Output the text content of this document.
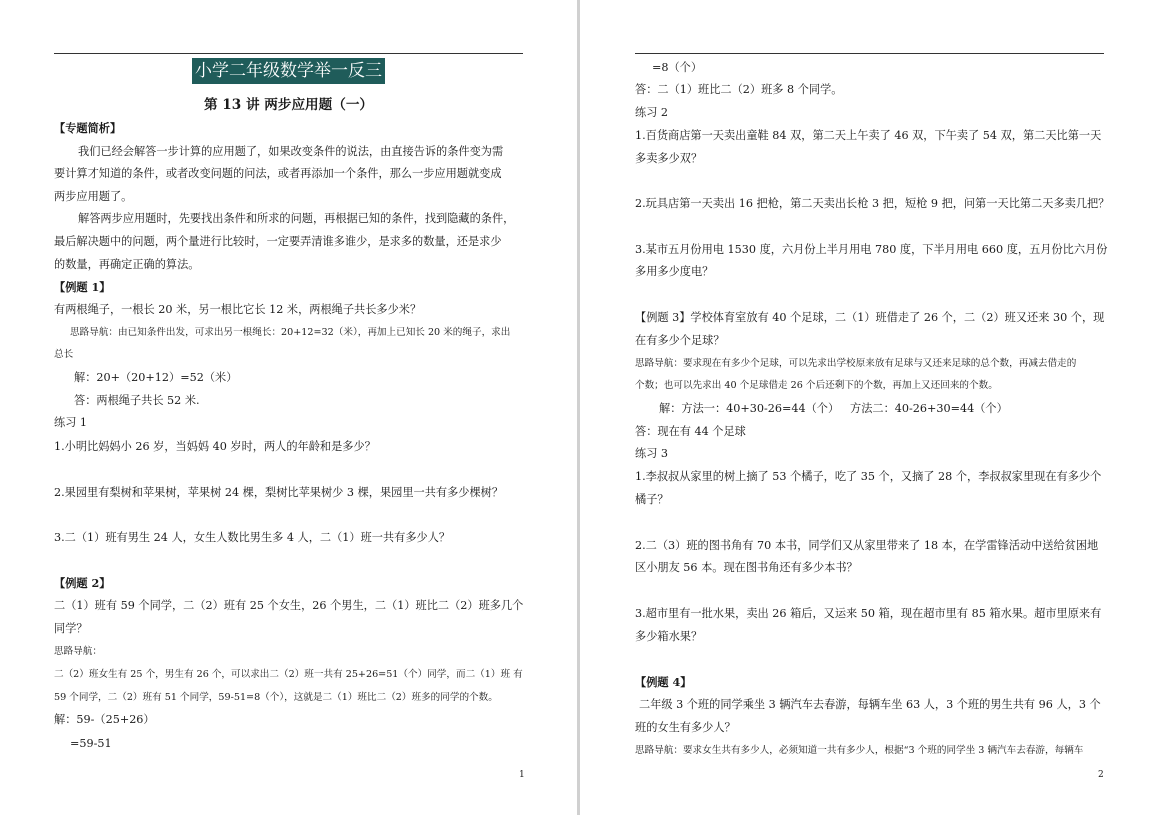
小学二年级数学举一反三
第 13 讲 两步应用题（一）
【专题简析】
我们已经会解答一步计算的应用题了，如果改变条件的说法，由直接告诉的条件变为需
要计算才知道的条件，或者改变问题的问法，或者再添加一个条件，那么一步应用题就变成
两步应用题了。
解答两步应用题时，先要找出条件和所求的问题，再根据已知的条件，找到隐藏的条件，
最后解决题中的问题，两个量进行比较时，一定要弄清谁多谁少，是求多的数量，还是求少
的数量，再确定正确的算法。
【例题 1】
有两根绳子，一根长 20 米，另一根比它长 12 米，两根绳子共长多少米？
思路导航：由已知条件出发，可求出另一根绳长：20+12=32（米），再加上已知长 20 米的绳子，求出
总长
解：20+（20+12）=52（米）
答：两根绳子共长 52 米.
练习 1
1.小明比妈妈小 26 岁，当妈妈 40 岁时，两人的年龄和是多少？
2.果园里有梨树和苹果树，苹果树 24 棵，梨树比苹果树少 3 棵，果园里一共有多少棵树？
3.二（1）班有男生 24 人，女生人数比男生多 4 人，二（1）班一共有多少人？
【例题 2】
二（1）班有 59 个同学，二（2）班有 25 个女生，26 个男生，二（1）班比二（2）班多几个
同学？
思路导航：
二（2）班女生有 25 个，男生有 26 个，可以求出二（2）班一共有 25+26=51（个）同学，而二（1）班 有
59 个同学，二（2）班有 51 个同学，59-51=8（个），这就是二（1）班比二（2）班多的同学的个数。
解：59-（25+26）
=59-51
1
=8（个）
答：二（1）班比二（2）班多 8 个同学。
练习 2
1.百货商店第一天卖出童鞋 84 双，第二天上午卖了 46 双，下午卖了 54 双，第二天比第一天
多卖多少双？
2.玩具店第一天卖出 16 把枪，第二天卖出长枪 3 把，短枪 9 把，问第一天比第二天多卖几把？
3.某市五月份用电 1530 度，六月份上半月用电 780 度，下半月用电 660 度，五月份比六月份
多用多少度电？
【例题 3】学校体育室放有 40 个足球，二（1）班借走了 26 个，二（2）班又还来 30 个，现
在有多少个足球？
思路导航：要求现在有多少个足球，可以先求出学校原来放有足球与又还来足球的总个数，再减去借走的
个数；也可以先求出 40 个足球借走 26 个后还剩下的个数，再加上又还回来的个数。
解：方法一：40+30-26=44（个） 方法二：40-26+30=44（个）
答：现在有 44 个足球
练习 3
1.李叔叔从家里的树上摘了 53 个橘子，吃了 35 个，又摘了 28 个，李叔叔家里现在有多少个
橘子？
2.二（3）班的图书角有 70 本书，同学们又从家里带来了 18 本，在学雷锋活动中送给贫困地
区小朋友 56 本。现在图书角还有多少本书？
3.超市里有一批水果，卖出 26 箱后，又运来 50 箱，现在超市里有 85 箱水果。超市里原来有
多少箱水果？
【例题 4】
二年级 3 个班的同学乘坐 3 辆汽车去春游，每辆车坐 63 人，3 个班的男生共有 96 人，3 个
班的女生有多少人？
思路导航：要求女生共有多少人，必须知道一共有多少人，根据“3 个班的同学坐 3 辆汽车去春游，每辆车
2
